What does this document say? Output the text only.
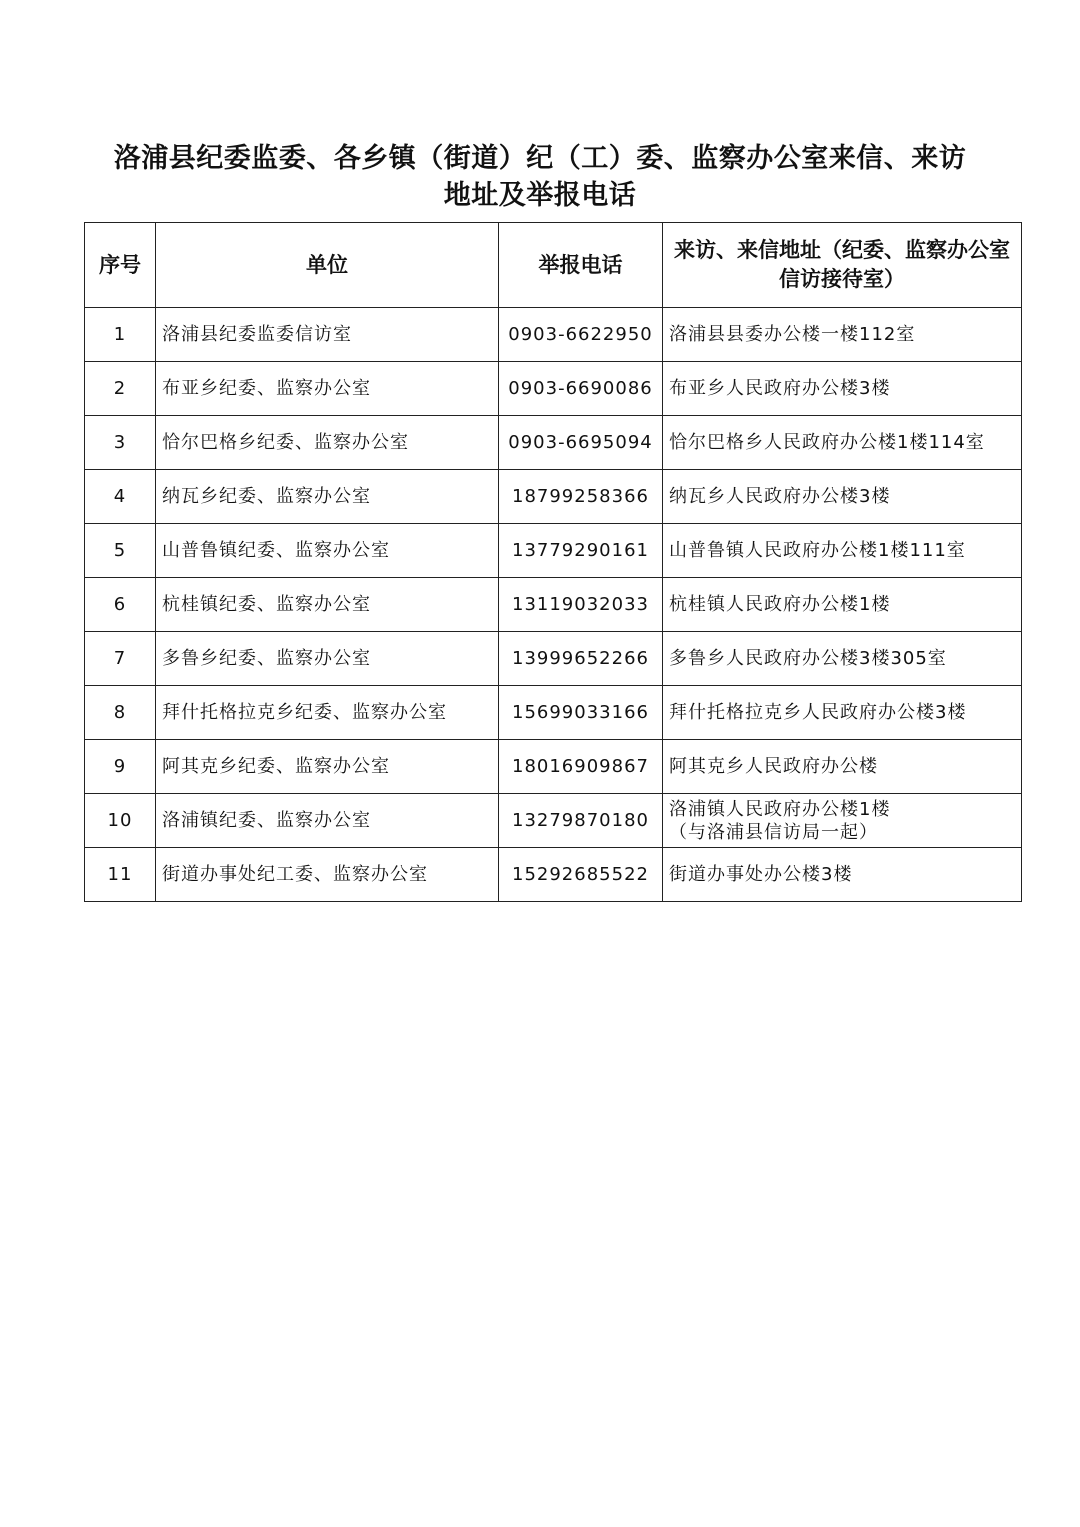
洛浦县纪委监委、各乡镇（街道）纪（工）委、监察办公室来信、来访
地址及举报电话
序号	单位	举报电话	来访、来信地址（纪委、监察办公室信访接待室）
1	洛浦县纪委监委信访室	0903-6622950	洛浦县县委办公楼一楼112室

2	布亚乡纪委、监察办公室	0903-6690086	布亚乡人民政府办公楼3楼

3	恰尔巴格乡纪委、监察办公室	0903-6695094	恰尔巴格乡人民政府办公楼1楼114室

4	纳瓦乡纪委、监察办公室	18799258366	纳瓦乡人民政府办公楼3楼

5	山普鲁镇纪委、监察办公室	13779290161	山普鲁镇人民政府办公楼1楼111室

6	杭桂镇纪委、监察办公室	13119032033	杭桂镇人民政府办公楼1楼

7	多鲁乡纪委、监察办公室	13999652266	多鲁乡人民政府办公楼3楼305室

8	拜什托格拉克乡纪委、监察办公室	15699033166	拜什托格拉克乡人民政府办公楼3楼

9	阿其克乡纪委、监察办公室	18016909867	阿其克乡人民政府办公楼

10	洛浦镇纪委、监察办公室	13279870180	洛浦镇人民政府办公楼1楼
（与洛浦县信访局一起）

11	街道办事处纪工委、监察办公室	15292685522	街道办事处办公楼3楼
